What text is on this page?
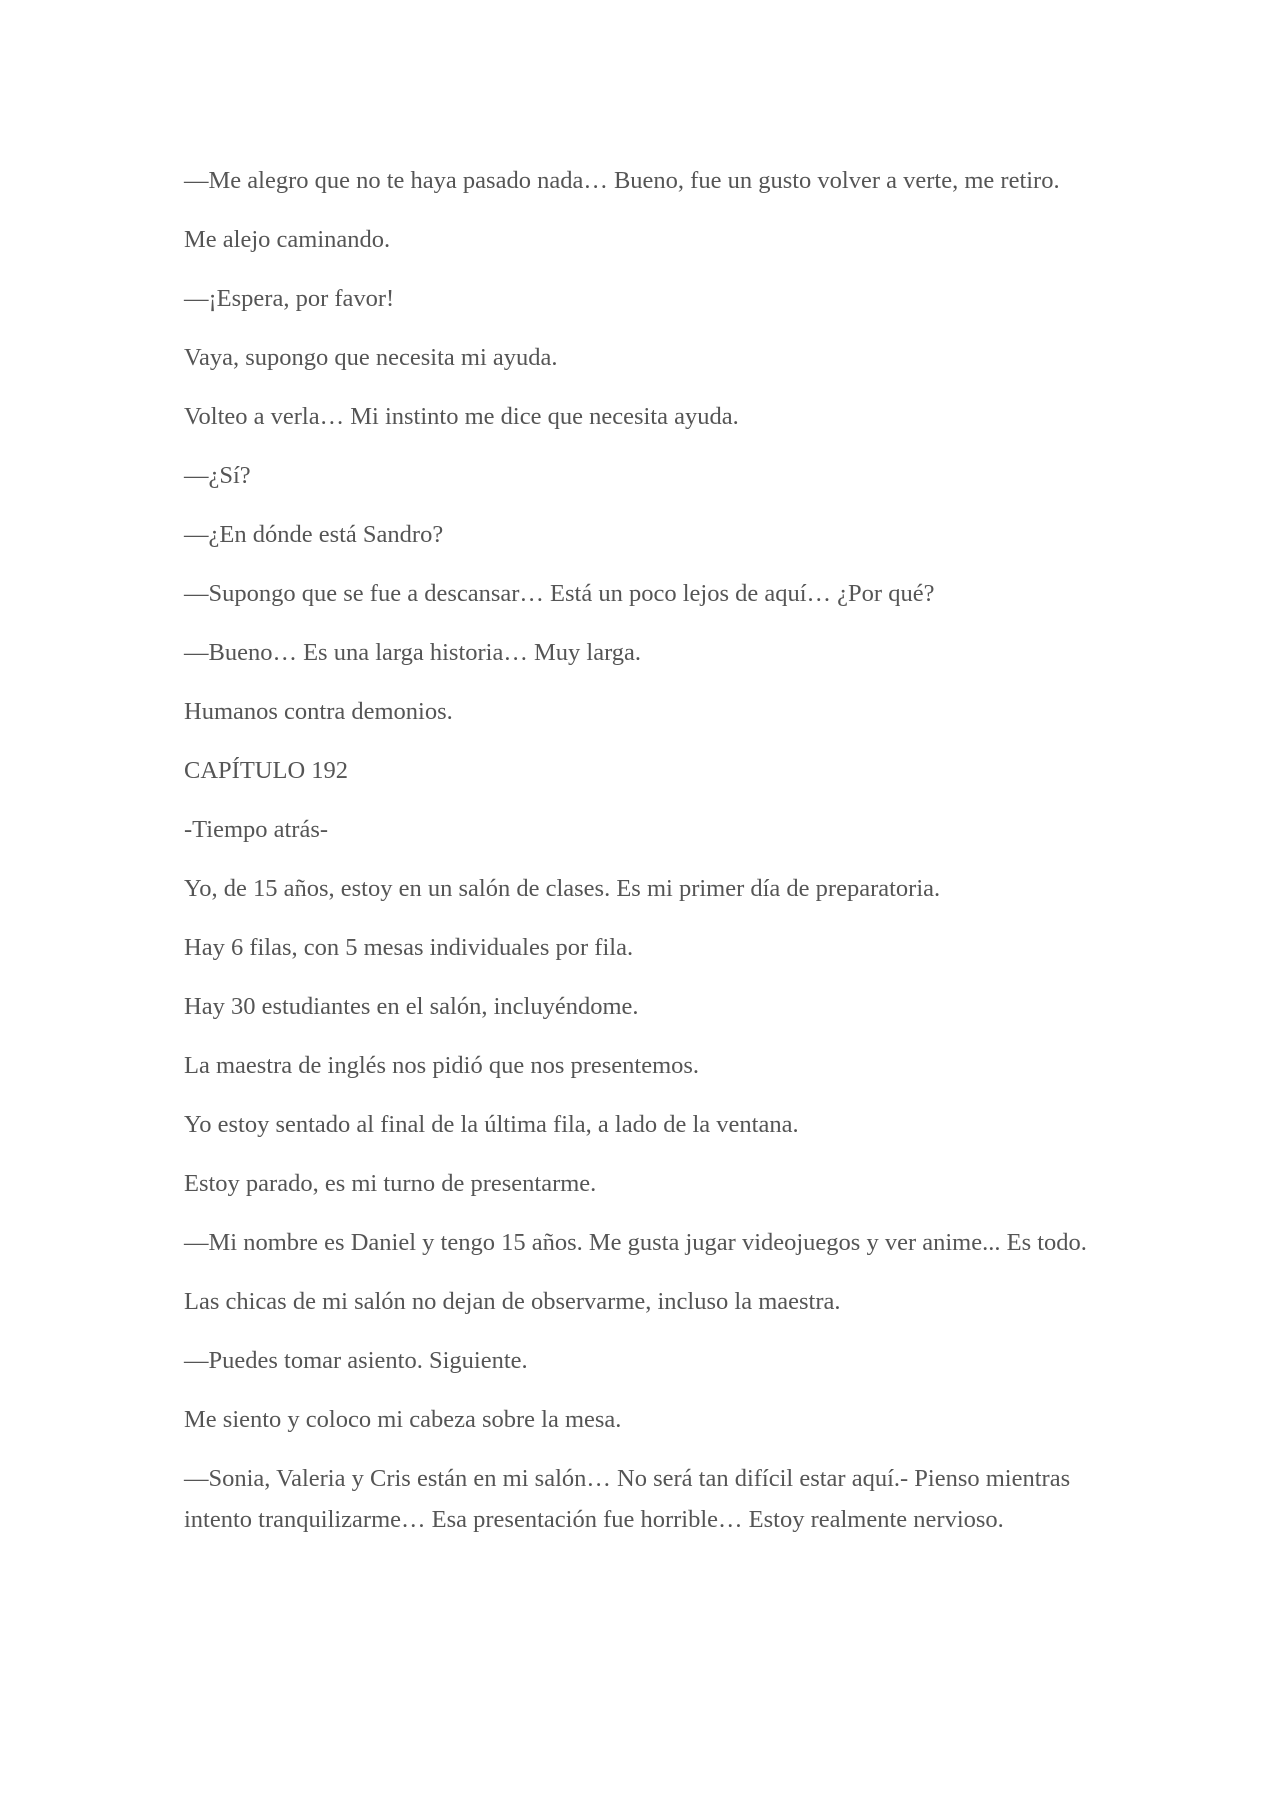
—Me alegro que no te haya pasado nada… Bueno, fue un gusto volver a verte, me retiro.

Me alejo caminando.

—¡Espera, por favor!

Vaya, supongo que necesita mi ayuda.

Volteo a verla… Mi instinto me dice que necesita ayuda.

—¿Sí?

—¿En dónde está Sandro?

—Supongo que se fue a descansar… Está un poco lejos de aquí… ¿Por qué?

—Bueno… Es una larga historia… Muy larga.

Humanos contra demonios.

CAPÍTULO 192

-Tiempo atrás-

Yo, de 15 años, estoy en un salón de clases. Es mi primer día de preparatoria.

Hay 6 filas, con 5 mesas individuales por fila.

Hay 30 estudiantes en el salón, incluyéndome.

La maestra de inglés nos pidió que nos presentemos.

Yo estoy sentado al final de la última fila, a lado de la ventana.

Estoy parado, es mi turno de presentarme.

—Mi nombre es Daniel y tengo 15 años. Me gusta jugar videojuegos y ver anime... Es todo.

Las chicas de mi salón no dejan de observarme, incluso la maestra.

—Puedes tomar asiento. Siguiente.

Me siento y coloco mi cabeza sobre la mesa.

—Sonia, Valeria y Cris están en mi salón… No será tan difícil estar aquí.- Pienso mientras intento tranquilizarme… Esa presentación fue horrible… Estoy realmente nervioso.
